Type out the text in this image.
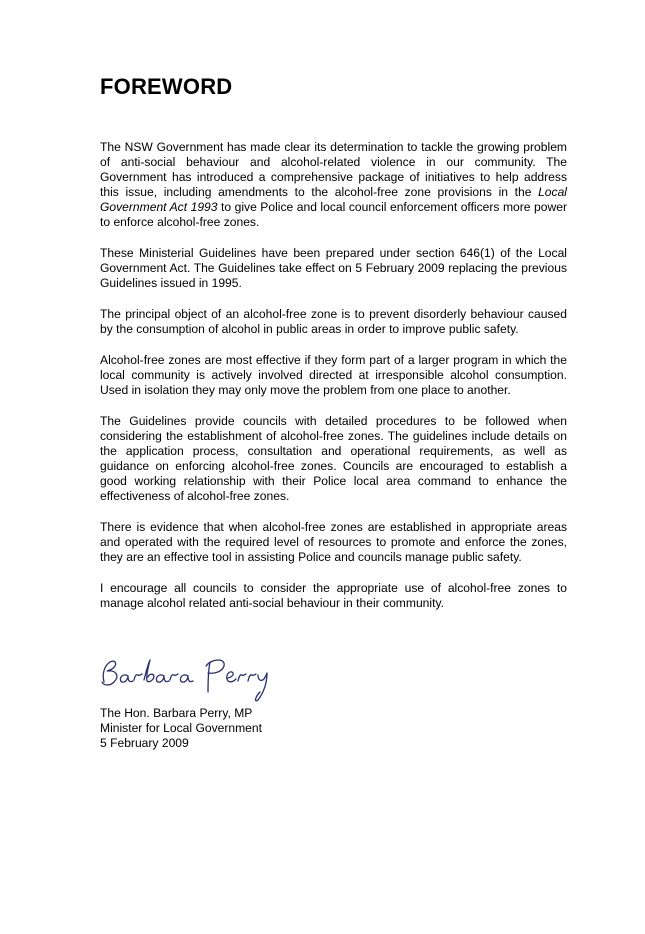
FOREWORD

The NSW Government has made clear its determination to tackle the growing problem of anti-social behaviour and alcohol-related violence in our community. The Government has introduced a comprehensive package of initiatives to help address this issue, including amendments to the alcohol-free zone provisions in the Local Government Act 1993 to give Police and local council enforcement officers more power to enforce alcohol-free zones.

These Ministerial Guidelines have been prepared under section 646(1) of the Local Government Act. The Guidelines take effect on 5 February 2009 replacing the previous Guidelines issued in 1995.

The principal object of an alcohol-free zone is to prevent disorderly behaviour caused by the consumption of alcohol in public areas in order to improve public safety.

Alcohol-free zones are most effective if they form part of a larger program in which the local community is actively involved directed at irresponsible alcohol consumption. Used in isolation they may only move the problem from one place to another.

The Guidelines provide councils with detailed procedures to be followed when considering the establishment of alcohol-free zones. The guidelines include details on the application process, consultation and operational requirements, as well as guidance on enforcing alcohol-free zones. Councils are encouraged to establish a good working relationship with their Police local area command to enhance the effectiveness of alcohol-free zones.

There is evidence that when alcohol-free zones are established in appropriate areas and operated with the required level of resources to promote and enforce the zones, they are an effective tool in assisting Police and councils manage public safety.

I encourage all councils to consider the appropriate use of alcohol-free zones to manage alcohol related anti-social behaviour in their community.

The Hon. Barbara Perry, MP
Minister for Local Government
5 February 2009
